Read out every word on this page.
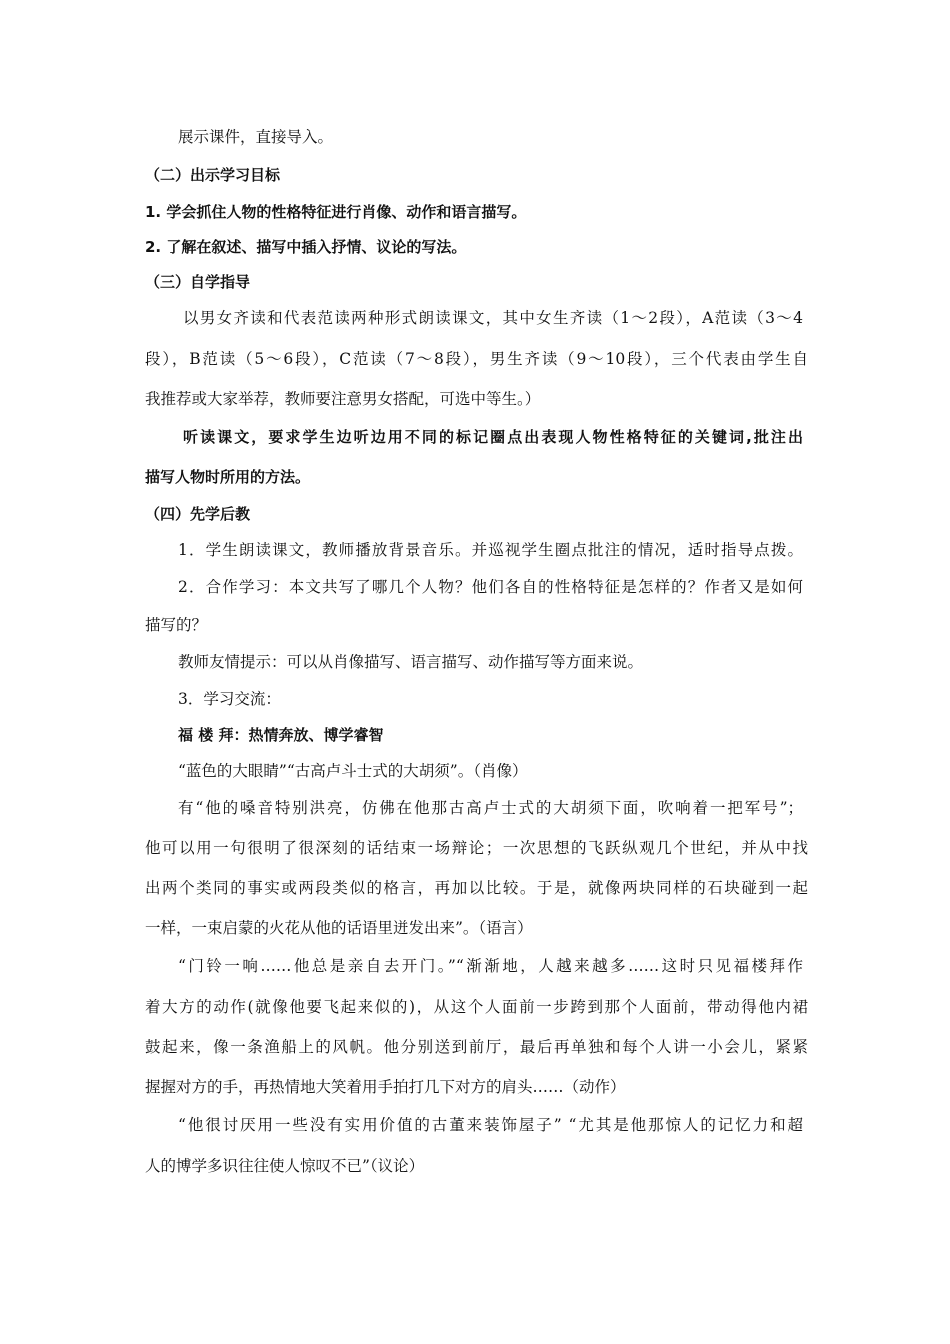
展示课件，直接导入。
（二）出示学习目标
1. 学会抓住人物的性格特征进行肖像、动作和语言描写。
2. 了解在叙述、描写中插入抒情、议论的写法。
（三）自学指导
以男女齐读和代表范读两种形式朗读课文，其中女生齐读（1～2段），A范读（3～4
段），B范读（5～6段），C范读（7～8段），男生齐读（9～10段），三个代表由学生自
我推荐或大家举荐，教师要注意男女搭配，可选中等生。）
听读课文，要求学生边听边用不同的标记圈点出表现人物性格特征的关键词,批注出
描写人物时所用的方法。
（四）先学后教
1．学生朗读课文，教师播放背景音乐。并巡视学生圈点批注的情况，适时指导点拨。
2．合作学习：本文共写了哪几个人物？他们各自的性格特征是怎样的？作者又是如何
描写的？
教师友情提示：可以从肖像描写、语言描写、动作描写等方面来说。
3．学习交流：
福 楼 拜：热情奔放、博学睿智
“蓝色的大眼睛”“古高卢斗士式的大胡须”。（肖像）
有“他的嗓音特别洪亮，仿佛在他那古高卢士式的大胡须下面，吹响着一把军号”；
他可以用一句很明了很深刻的话结束一场辩论；一次思想的飞跃纵观几个世纪，并从中找
出两个类同的事实或两段类似的格言，再加以比较。于是，就像两块同样的石块碰到一起
一样，一束启蒙的火花从他的话语里迸发出来”。（语言）
“门铃一响……他总是亲自去开门。”“渐渐地，人越来越多……这时只见福楼拜作
着大方的动作(就像他要飞起来似的)，从这个人面前一步跨到那个人面前，带动得他内裙
鼓起来，像一条渔船上的风帆。他分别送到前厅，最后再单独和每个人讲一小会儿，紧紧
握握对方的手，再热情地大笑着用手拍打几下对方的肩头……（动作）
“他很讨厌用一些没有实用价值的古董来装饰屋子” “尤其是他那惊人的记忆力和超
人的博学多识往往使人惊叹不已”（议论）
